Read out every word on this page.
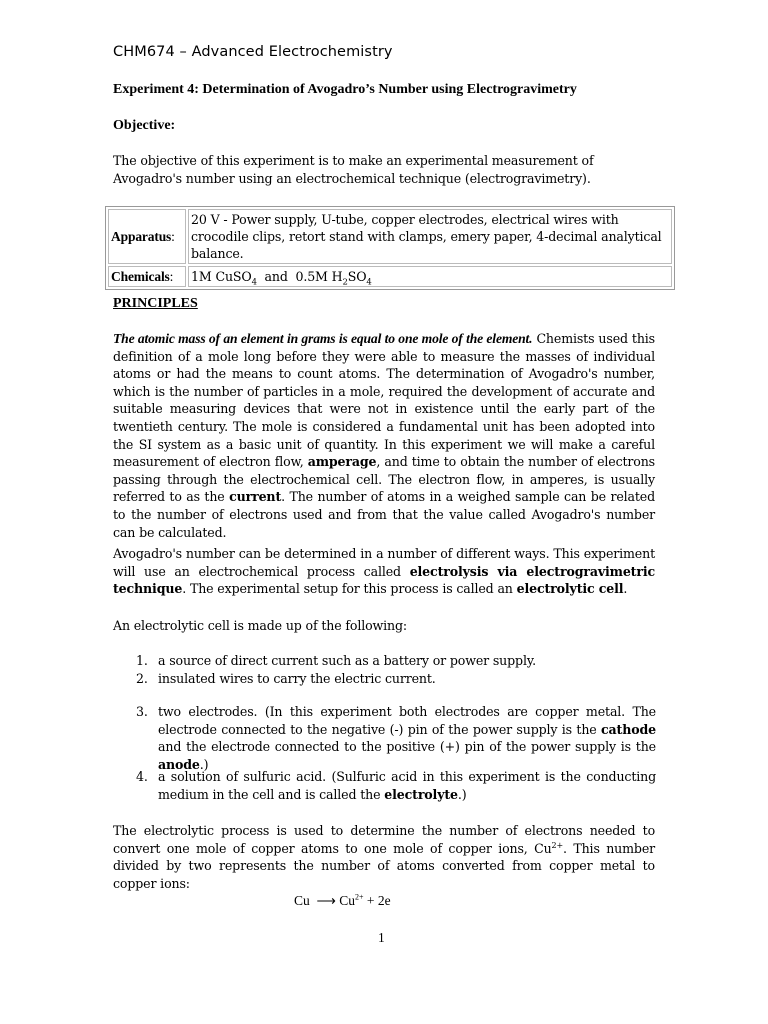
CHM674 – Advanced Electrochemistry
Experiment 4: Determination of Avogadro’s Number using Electrogravimetry
Objective:
The objective of this experiment is to make an experimental measurement of Avogadro's number using an electrochemical technique (electrogravimetry).
Apparatus:	20 V - Power supply, U-tube, copper electrodes, electrical wires with crocodile clips, retort stand with clamps, emery paper, 4-decimal analytical balance.
Chemicals:	1M CuSO$_4$  and  0.5M $H_2SO_4$
PRINCIPLES
The atomic mass of an element in grams is equal to one mole of the element. Chemists used this definition of a mole long before they were able to measure the masses of individual atoms or had the means to count atoms. The determination of Avogadro's number, which is the number of particles in a mole, required the development of accurate and suitable measuring devices that were not in existence until the early part of the twentieth century. The mole is considered a fundamental unit has been adopted into the SI system as a basic unit of quantity. In this experiment we will make a careful measurement of electron flow, amperage, and time to obtain the number of electrons passing through the electrochemical cell. The electron flow, in amperes, is usually referred to as the current. The number of atoms in a weighed sample can be related to the number of electrons used and from that the value called Avogadro's number can be calculated.
Avogadro's number can be determined in a number of different ways. This experiment will use an electrochemical process called electrolysis via electrogravimetric technique. The experimental setup for this process is called an electrolytic cell.
An electrolytic cell is made up of the following:
1. a source of direct current such as a battery or power supply.
2. insulated wires to carry the electric current.
3. two electrodes. (In this experiment both electrodes are copper metal. The electrode connected to the negative (-) pin of the power supply is the cathode and the electrode connected to the positive (+) pin of the power supply is the anode.)
4. a solution of sulfuric acid. (Sulfuric acid in this experiment is the conducting medium in the cell and is called the electrolyte.)
The electrolytic process is used to determine the number of electrons needed to convert one mole of copper atoms to one mole of copper ions, $Cu^{2+}$. This number divided by two represents the number of atoms converted from copper metal to copper ions:
Cu  ⟶ $Cu^{2+} + 2e$
1
